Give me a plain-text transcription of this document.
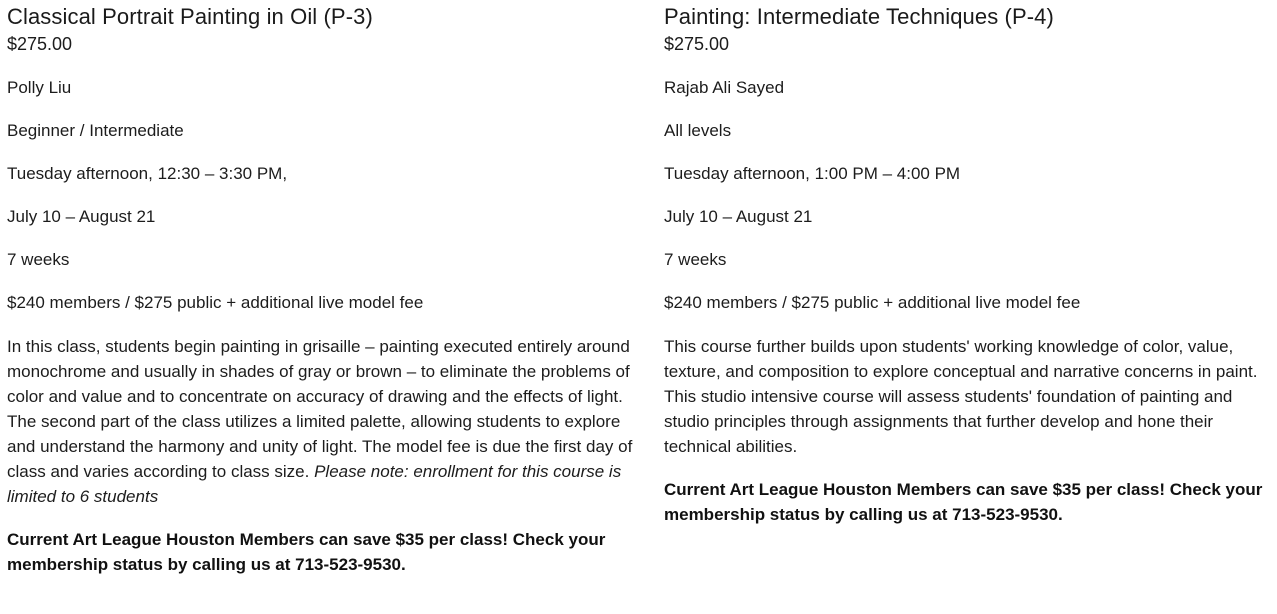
Classical Portrait Painting in Oil (P-3)
$275.00

Polly Liu

Beginner / Intermediate

Tuesday afternoon, 12:30 – 3:30 PM,

July 10 – August 21

7 weeks

$240 members / $275 public + additional live model fee

In this class, students begin painting in grisaille – painting executed entirely around monochrome and usually in shades of gray or brown – to eliminate the problems of color and value and to concentrate on accuracy of drawing and the effects of light. The second part of the class utilizes a limited palette, allowing students to explore and understand the harmony and unity of light. The model fee is due the first day of class and varies according to class size. Please note: enrollment for this course is limited to 6 students

Current Art League Houston Members can save $35 per class! Check your membership status by calling us at 713-523-9530.

Painting: Intermediate Techniques (P-4)
$275.00

Rajab Ali Sayed

All levels

Tuesday afternoon, 1:00 PM – 4:00 PM

July 10 – August 21

7 weeks

$240 members / $275 public + additional live model fee

This course further builds upon students' working knowledge of color, value, texture, and composition to explore conceptual and narrative concerns in paint. This studio intensive course will assess students' foundation of painting and studio principles through assignments that further develop and hone their technical abilities.

Current Art League Houston Members can save $35 per class! Check your membership status by calling us at 713-523-9530.
